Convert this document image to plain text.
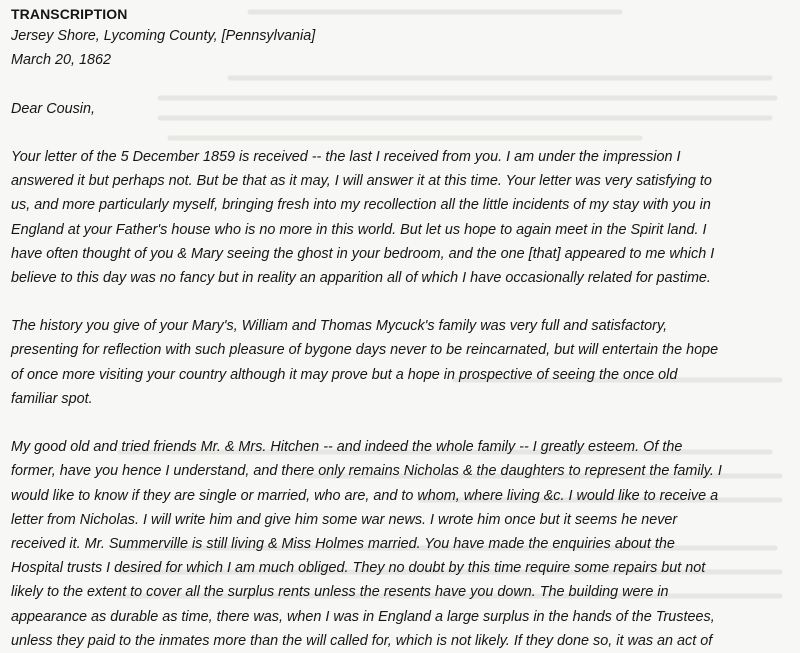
TRANSCRIPTION
Jersey Shore, Lycoming County, [Pennsylvania]
March 20, 1862
Dear Cousin,
Your letter of the 5 December 1859 is received -- the last I received from you. I am under the impression I
answered it but perhaps not. But be that as it may, I will answer it at this time. Your letter was very satisfying to
us, and more particularly myself, bringing fresh into my recollection all the little incidents of my stay with you in
England at your Father's house who is no more in this world. But let us hope to again meet in the Spirit land. I
have often thought of you & Mary seeing the ghost in your bedroom, and the one [that] appeared to me which I
believe to this day was no fancy but in reality an apparition all of which I have occasionally related for pastime.
The history you give of your Mary's, William and Thomas Mycuck's family was very full and satisfactory,
presenting for reflection with such pleasure of bygone days never to be reincarnated, but will entertain the hope
of once more visiting your country although it may prove but a hope in prospective of seeing the once old
familiar spot.
My good old and tried friends Mr. & Mrs. Hitchen -- and indeed the whole family -- I greatly esteem. Of the
former, have you hence I understand, and there only remains Nicholas & the daughters to represent the family. I
would like to know if they are single or married, who are, and to whom, where living &c. I would like to receive a
letter from Nicholas. I will write him and give him some war news. I wrote him once but it seems he never
received it. Mr. Summerville is still living & Miss Holmes married. You have made the enquiries about the
Hospital trusts I desired for which I am much obliged. They no doubt by this time require some repairs but not
likely to the extent to cover all the surplus rents unless the resents have you down. The building were in
appearance as durable as time, there was, when I was in England a large surplus in the hands of the Trustees,
unless they paid to the inmates more than the will called for, which is not likely. If they done so, it was an act of
